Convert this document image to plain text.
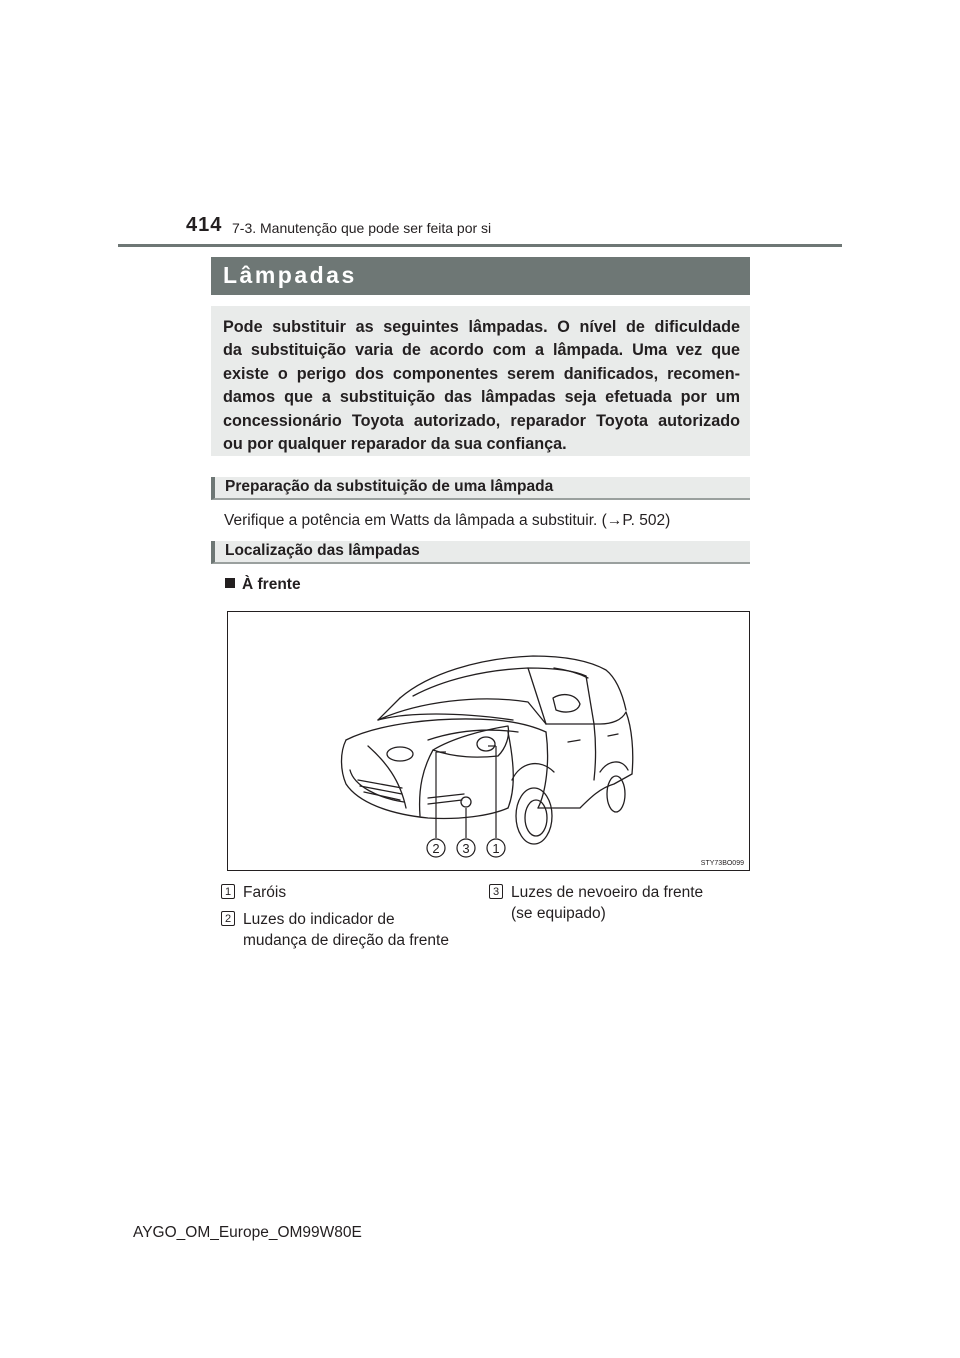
414 7-3. Manutenção que pode ser feita por si
Lâmpadas
Pode substituir as seguintes lâmpadas. O nível de dificuldade
da substituição varia de acordo com a lâmpada. Uma vez que
existe o perigo dos componentes serem danificados, recomen-
damos que a substituição das lâmpadas seja efetuada por um
concessionário Toyota autorizado, reparador Toyota autorizado
ou por qualquer reparador da sua confiança.
Preparação da substituição de uma lâmpada
Verifique a potência em Watts da lâmpada a substituir. (→P. 502)
Localização das lâmpadas
À frente
2 3 1
STY73BO099
1 Faróis
2 Luzes do indicador de
mudança de direção da frente
3 Luzes de nevoeiro da frente
(se equipado)
AYGO_OM_Europe_OM99W80E
